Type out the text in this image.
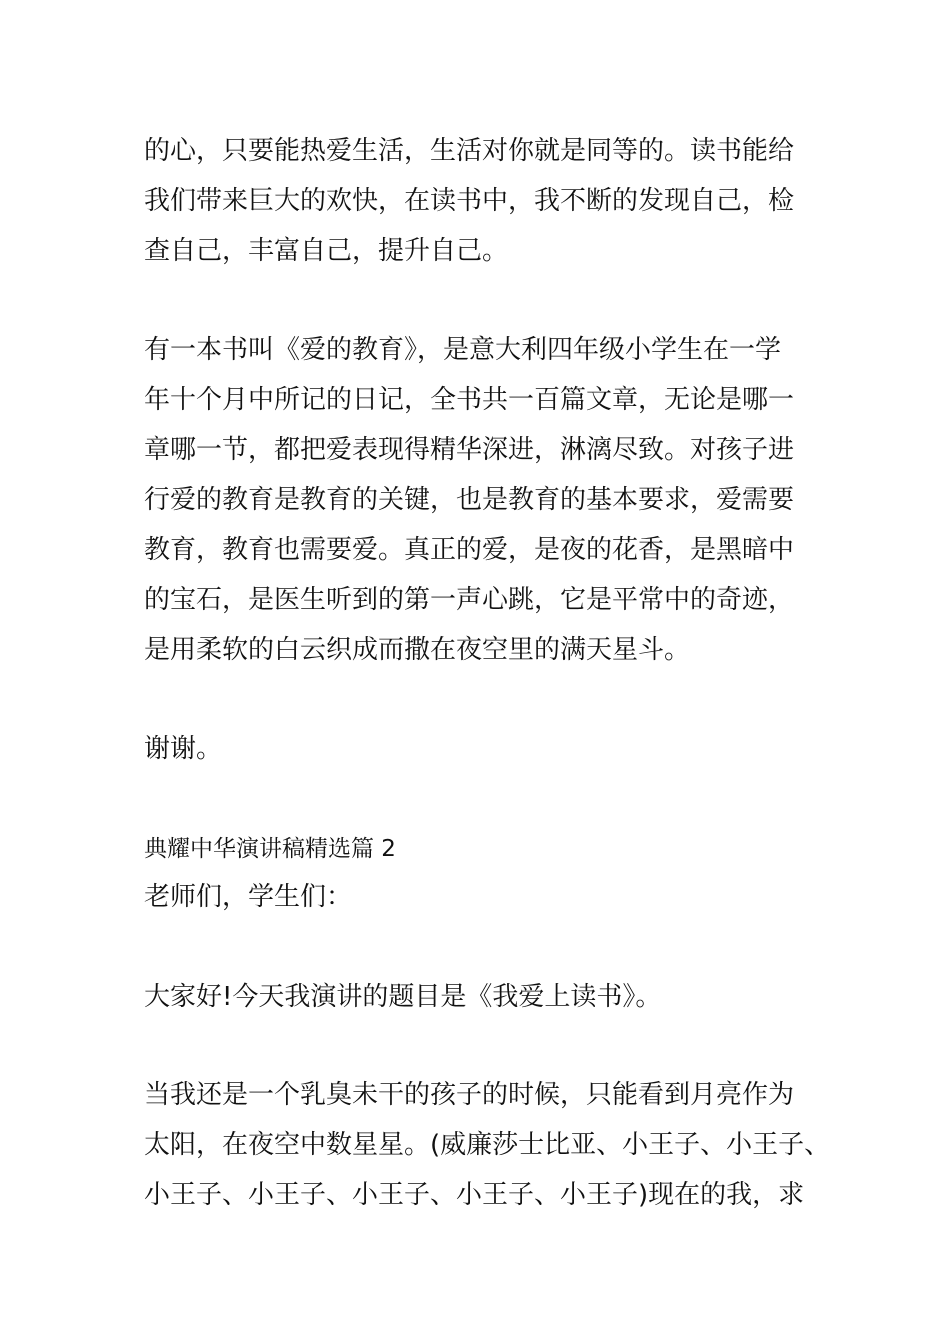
的心，只要能热爱生活，生活对你就是同等的。读书能给
我们带来巨大的欢快，在读书中，我不断的发现自己，检
查自己，丰富自己，提升自己。
有一本书叫《爱的教育》，是意大利四年级小学生在一学
年十个月中所记的日记，全书共一百篇文章，无论是哪一
章哪一节，都把爱表现得精华深进，淋漓尽致。对孩子进
行爱的教育是教育的关键，也是教育的基本要求，爱需要
教育，教育也需要爱。真正的爱，是夜的花香，是黑暗中
的宝石，是医生听到的第一声心跳，它是平常中的奇迹，
是用柔软的白云织成而撒在夜空里的满天星斗。
谢谢。
典耀中华演讲稿精选篇 2
老师们，学生们：
大家好!今天我演讲的题目是《我爱上读书》。
当我还是一个乳臭未干的孩子的时候，只能看到月亮作为
太阳，在夜空中数星星。(威廉莎士比亚、小王子、小王子、
小王子、小王子、小王子、小王子、小王子)现在的我，求
